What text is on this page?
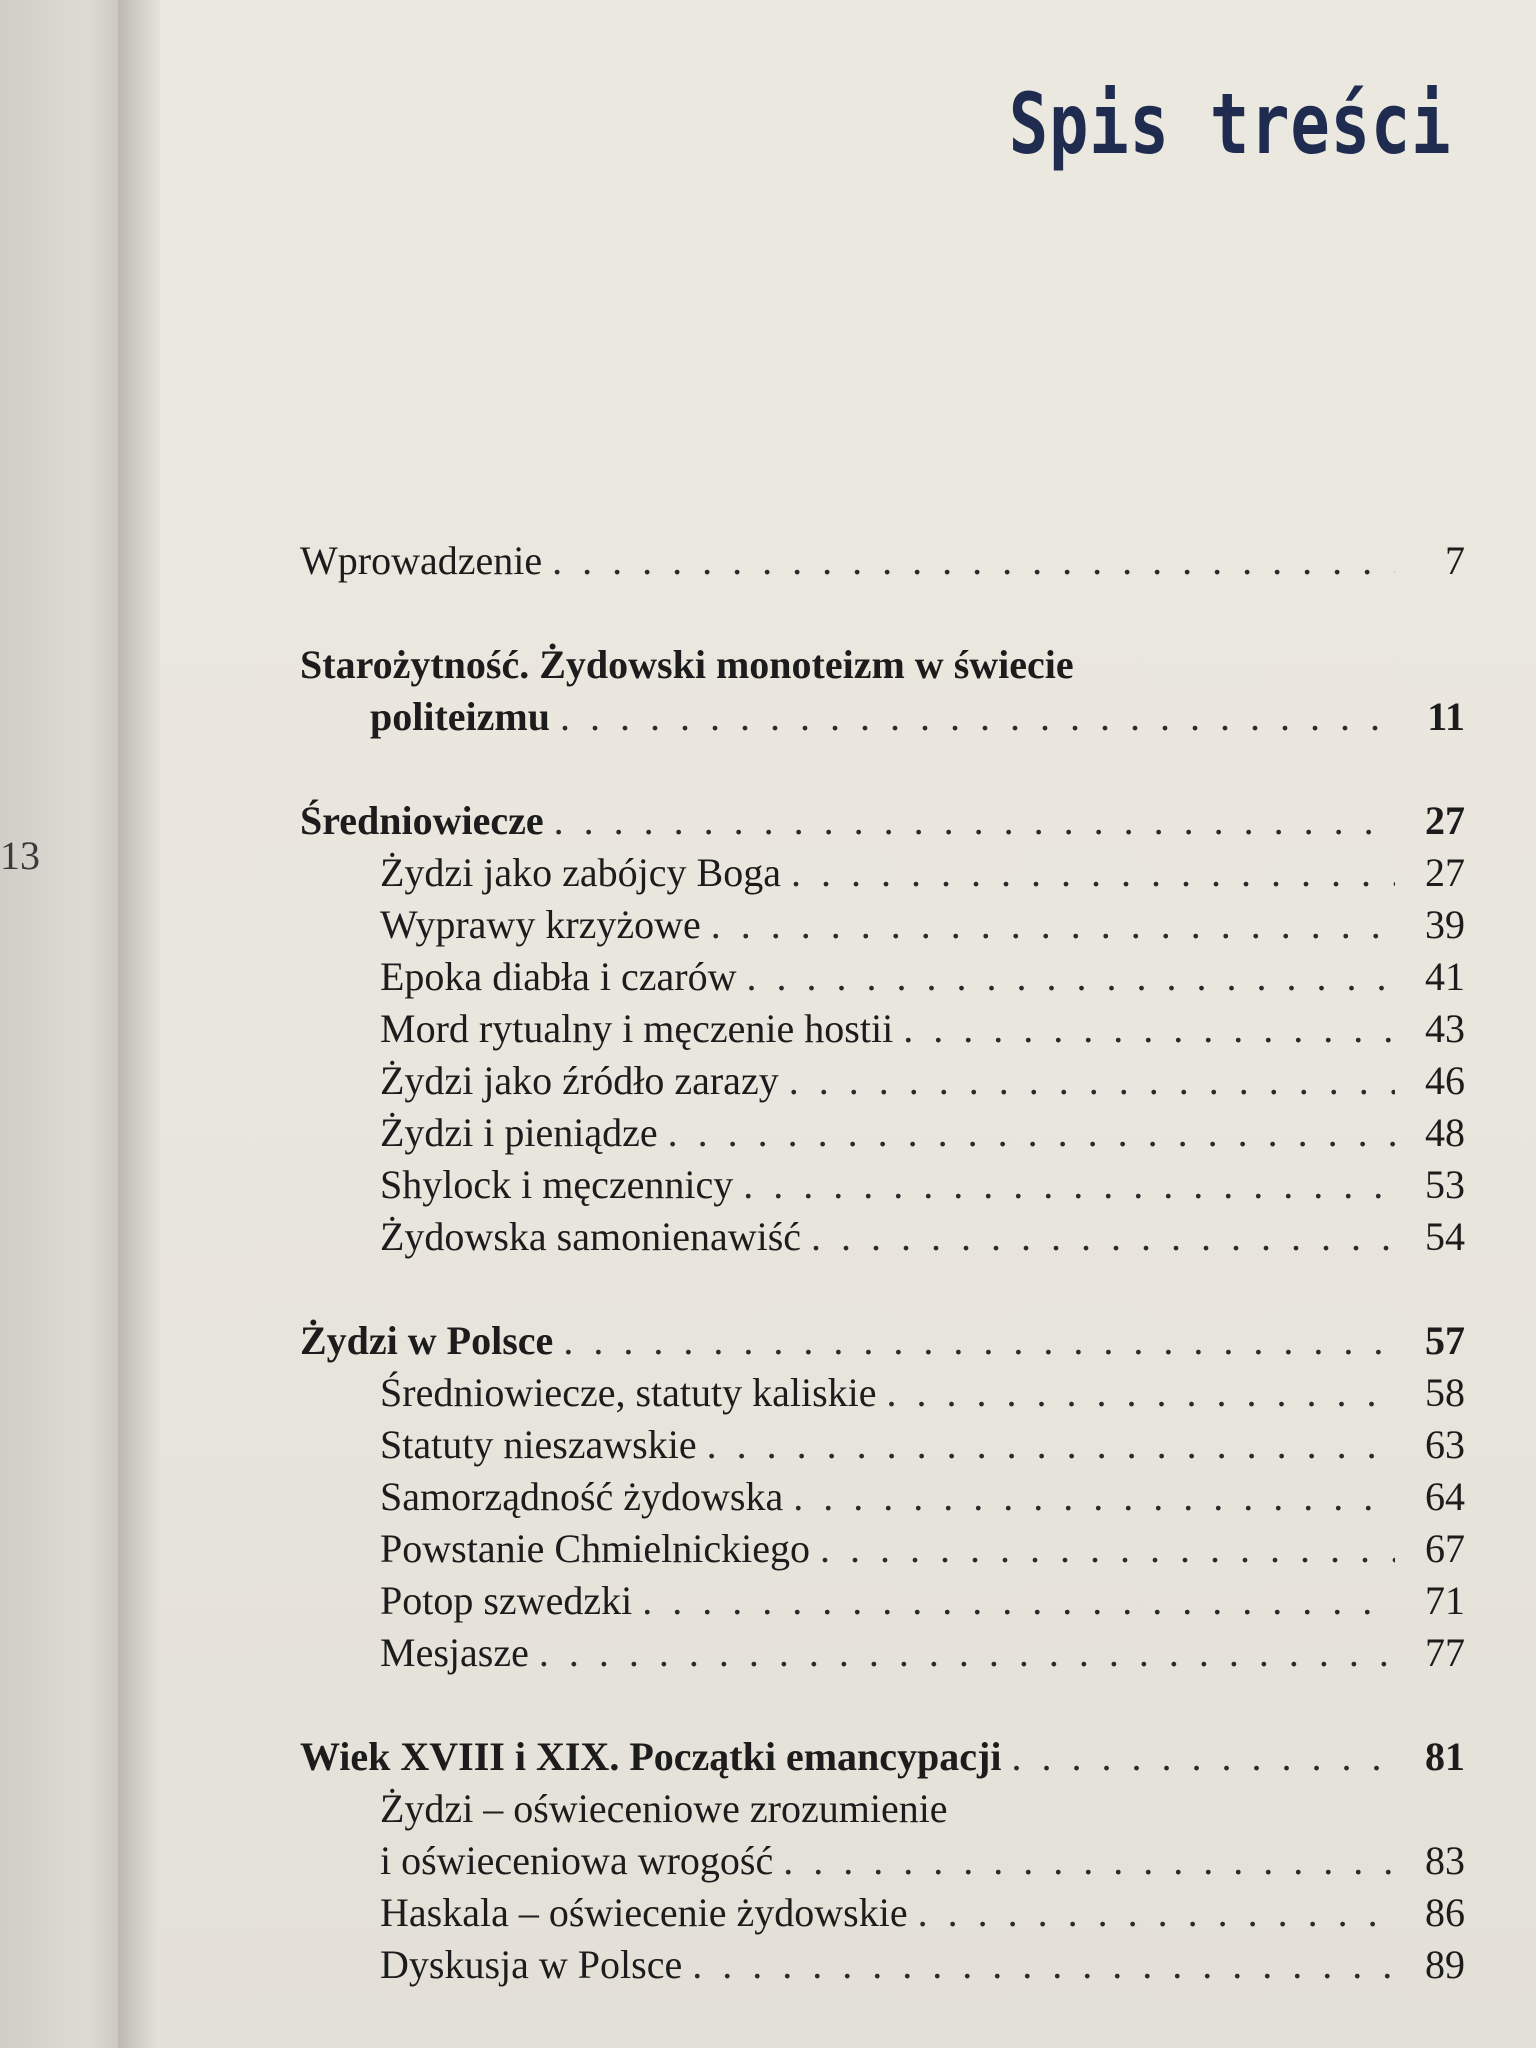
13
Spis treści
Wprowadzenie . . .	7
Starożytność. Żydowski monoteizm w świecie
politeizmu . . .	11
Średniowiecze . . .	27
Żydzi jako zabójcy Boga . . .	27
Wyprawy krzyżowe . . .	39
Epoka diabła i czarów . . .	41
Mord rytualny i męczenie hostii . . .	43
Żydzi jako źródło zarazy . . .	46
Żydzi i pieniądze . . .	48
Shylock i męczennicy . . .	53
Żydowska samonienawiść . . .	54
Żydzi w Polsce . . .	57
Średniowiecze, statuty kaliskie . . .	58
Statuty nieszawskie . . .	63
Samorządność żydowska . . .	64
Powstanie Chmielnickiego . . .	67
Potop szwedzki . . .	71
Mesjasze . . .	77
Wiek XVIII i XIX. Początki emancypacji . . .	81
Żydzi – oświeceniowe zrozumienie
i oświeceniowa wrogość . . .	83
Haskala – oświecenie żydowskie . . .	86
Dyskusja w Polsce . . .	89
